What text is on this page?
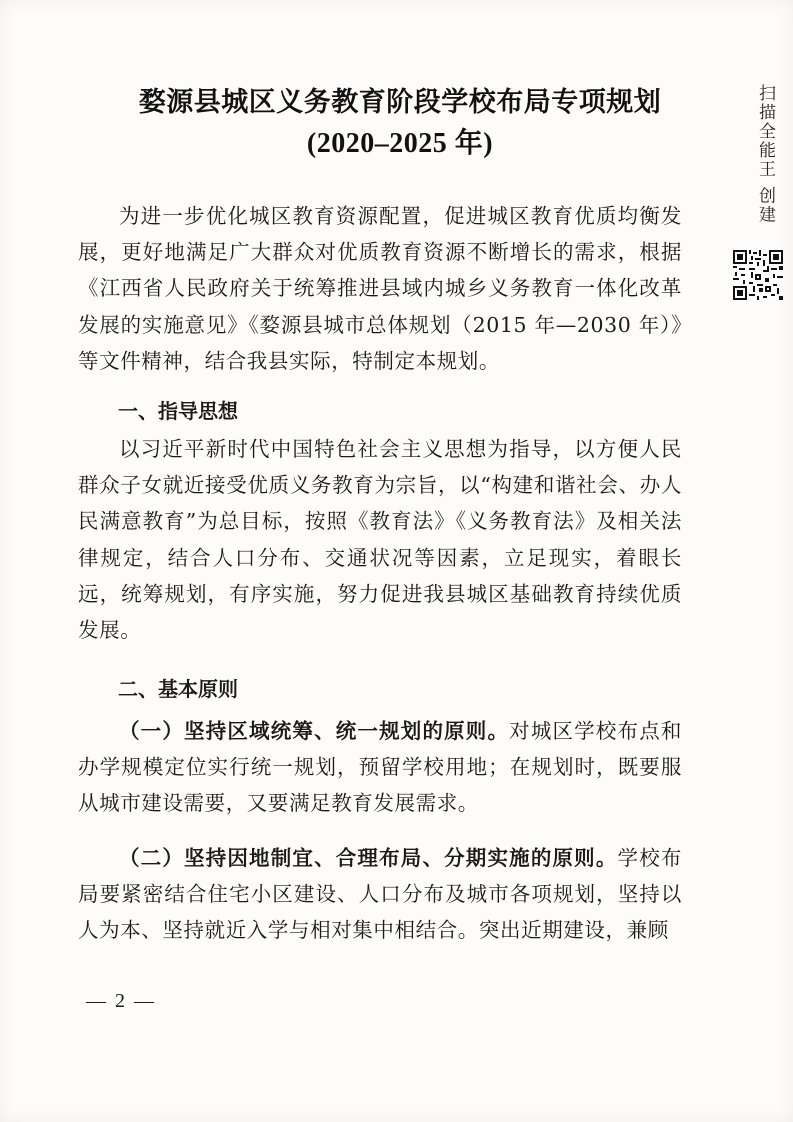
婺源县城区义务教育阶段学校布局专项规划
(2020–2025 年)

为进一步优化城区教育资源配置，促进城区教育优质均衡发展，更好地满足广大群众对优质教育资源不断增长的需求，根据《江西省人民政府关于统筹推进县域内城乡义务教育一体化改革发展的实施意见》《婺源县城市总体规划（2015 年—2030 年）》等文件精神，结合我县实际，特制定本规划。

一、指导思想

以习近平新时代中国特色社会主义思想为指导，以方便人民群众子女就近接受优质义务教育为宗旨，以“构建和谐社会、办人民满意教育”为总目标，按照《教育法》《义务教育法》及相关法律规定，结合人口分布、交通状况等因素，立足现实，着眼长远，统筹规划，有序实施，努力促进我县城区基础教育持续优质发展。

二、基本原则

（一）坚持区域统筹、统一规划的原则。对城区学校布点和办学规模定位实行统一规划，预留学校用地；在规划时，既要服从城市建设需要，又要满足教育发展需求。

（二）坚持因地制宜、合理布局、分期实施的原则。学校布局要紧密结合住宅小区建设、人口分布及城市各项规划，坚持以人为本、坚持就近入学与相对集中相结合。突出近期建设，兼顾

— 2 —
扫描全能王 创建
